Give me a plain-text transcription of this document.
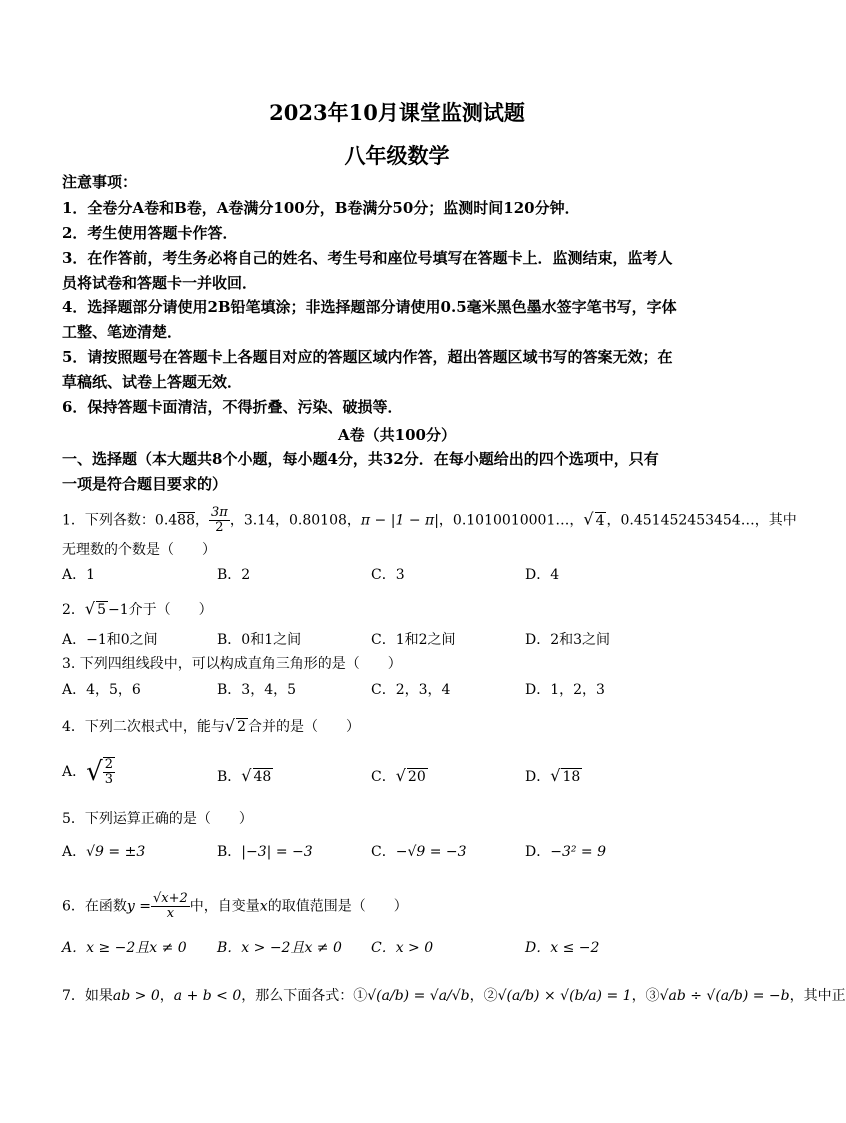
2023年10月课堂监测试题
八年级数学
注意事项：
1．全卷分A卷和B卷，A卷满分100分，B卷满分50分；监测时间120分钟．
2．考生使用答题卡作答．
3．在作答前，考生务必将自己的姓名、考生号和座位号填写在答题卡上．监测结束，监考人
员将试卷和答题卡一并收回．
4．选择题部分请使用2B铅笔填涂；非选择题部分请使用0.5毫米黑色墨水签字笔书写，字体
工整、笔迹清楚．
5．请按照题号在答题卡上各题目对应的答题区域内作答，超出答题区域书写的答案无效；在
草稿纸、试卷上答题无效．
6．保持答题卡面清洁，不得折叠、污染、破损等．
A卷（共100分）
一、选择题（本大题共8个小题，每小题4分，共32分．在每小题给出的四个选项中，只有
一项是符合题目要求的）
1．下列各数：0.488， $\frac{3\pi}{2}$ ，3.14，0.80108，π − |1 − π|，0.1010010001…，√ 4 ，0.451452453454…，其中
无理数的个数是（　　）
A．1	B．2	C．3	D．4
2．√ 5 −1介于（　　）
A．−1和0之间	B．0和1之间	C．1和2之间	D．2和3之间
3. 下列四组线段中，可以构成直角三角形的是（　　）
A．4，5，6	B．3，4，5	C．2，3，4	D．1，2，3
4．下列二次根式中，能与√ 2 合并的是（　　）
A．√ $\frac{2}{3}$	B．√ 48	C．√ 20	D．√ 18
5．下列运算正确的是（　　）
A．√9 = ±3	B．|−3| = −3	C．−√9 = −3	D．−3² = 9
6．在函数$y = \frac{√x+2}{x}$ 中，自变量x的取值范围是（　　）
A．x ≥ −2且x ≠ 0 B．x > −2且x ≠ 0 C．x > 0	D．x ≤ −2
7．如果ab > 0，a + b < 0，那么下面各式：①√(a/b) = √a/√b，②√(a/b) × √(b/a) = 1，③√ab ÷ √(a/b) = −b，其中正
